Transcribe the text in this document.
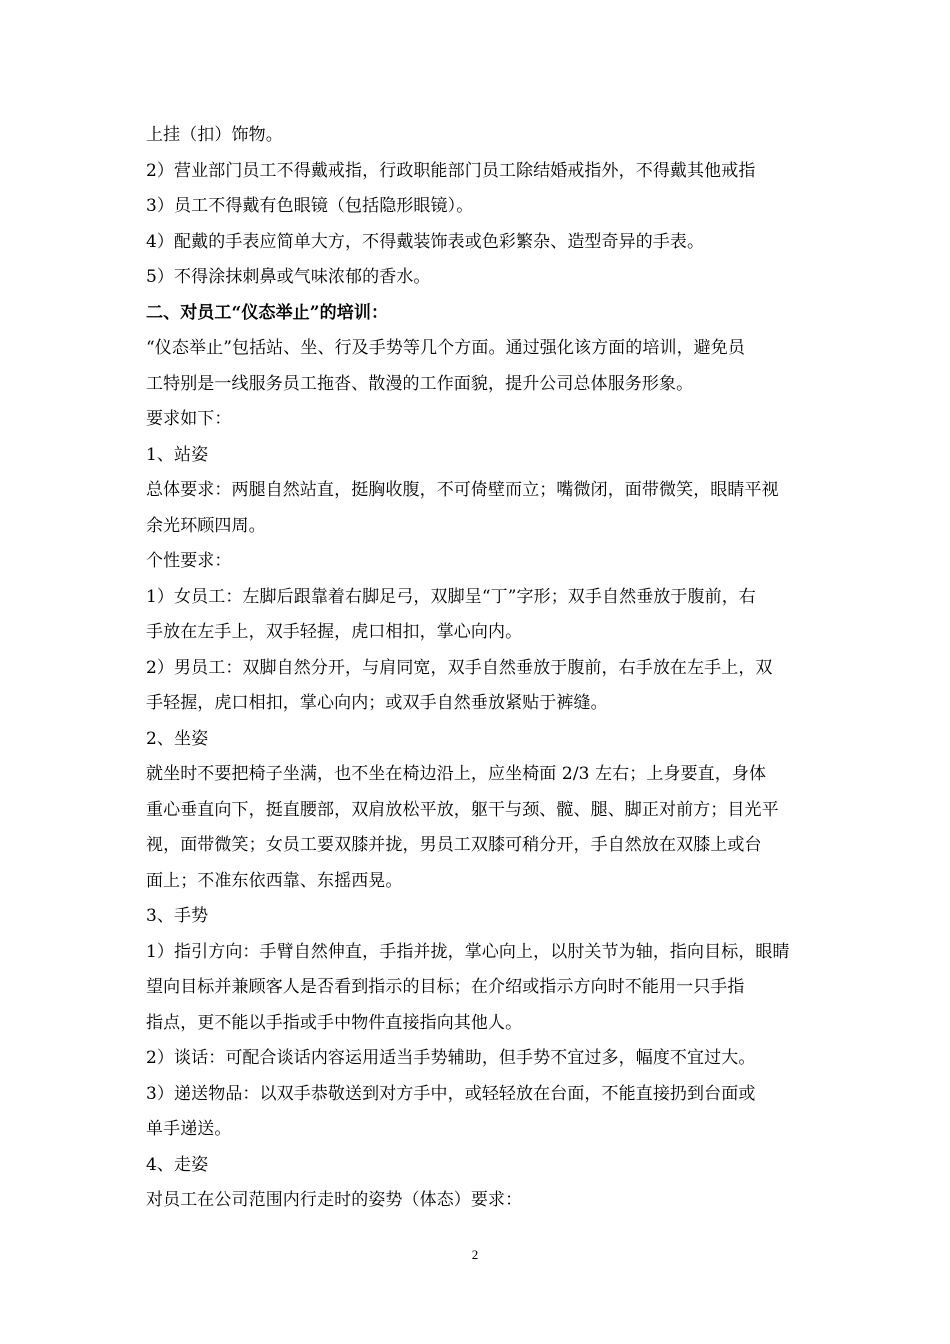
上挂（扣）饰物。
2）营业部门员工不得戴戒指，行政职能部门员工除结婚戒指外，不得戴其他戒指
3）员工不得戴有色眼镜（包括隐形眼镜）。
4）配戴的手表应简单大方，不得戴装饰表或色彩繁杂、造型奇异的手表。
5）不得涂抹刺鼻或气味浓郁的香水。
二、对员工“仪态举止”的培训：
“仪态举止”包括站、坐、行及手势等几个方面。通过强化该方面的培训，避免员
工特别是一线服务员工拖沓、散漫的工作面貌，提升公司总体服务形象。
要求如下：
1、站姿
总体要求：两腿自然站直，挺胸收腹，不可倚壁而立；嘴微闭，面带微笑，眼睛平视
余光环顾四周。
个性要求：
1）女员工：左脚后跟靠着右脚足弓，双脚呈“丁”字形；双手自然垂放于腹前，右
手放在左手上，双手轻握，虎口相扣，掌心向内。
2）男员工：双脚自然分开，与肩同宽，双手自然垂放于腹前，右手放在左手上，双
手轻握，虎口相扣，掌心向内；或双手自然垂放紧贴于裤缝。
2、坐姿
就坐时不要把椅子坐满，也不坐在椅边沿上，应坐椅面 2/3 左右；上身要直，身体
重心垂直向下，挺直腰部，双肩放松平放，躯干与颈、髋、腿、脚正对前方；目光平
视，面带微笑；女员工要双膝并拢，男员工双膝可稍分开，手自然放在双膝上或台
面上；不准东依西靠、东摇西晃。
3、手势
1）指引方向：手臂自然伸直，手指并拢，掌心向上，以肘关节为轴，指向目标，眼睛
望向目标并兼顾客人是否看到指示的目标；在介绍或指示方向时不能用一只手指
指点，更不能以手指或手中物件直接指向其他人。
2）谈话：可配合谈话内容运用适当手势辅助，但手势不宜过多，幅度不宜过大。
3）递送物品：以双手恭敬送到对方手中，或轻轻放在台面，不能直接扔到台面或
单手递送。
4、走姿
对员工在公司范围内行走时的姿势（体态）要求：
2
